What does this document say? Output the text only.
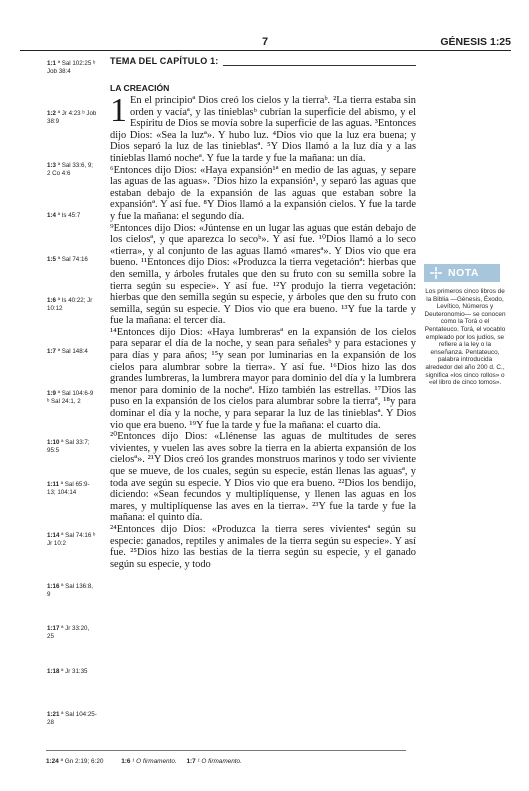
7	GÉNESIS 1:25
1:1 ª Sal 102:25 ᵇ Job 38:4
1:2 ª Jr 4:23 ᵇ Job 38:9
1:3 ª Sal 33:6, 9; 2 Co 4:6
1:4 ª Is 45:7
1:5 ª Sal 74:16
1:6 ª Is 40:22; Jr 10:12
1:7 ª Sal 148:4
1:9 ª Sal 104:6-9 ᵇ Sal 24:1, 2
1:10 ª Sal 33:7; 95:5
1:11 ª Sal 65:9-13; 104:14
1:14 ª Sal 74:16 ᵇ Jr 10:2
1:16 ª Sal 136:8, 9
1:17 ª Jr 33:20, 25
1:18 ª Jr 31:35
1:21 ª Sal 104:25-28
TEMA DEL CAPÍTULO 1:
LA CREACIÓN

1 En el principioª Dios creó los cielos y la tierraᵇ. ²La tierra estaba sin orden y vacíaª, y las tinieblasᵇ cubrían la superficie del abismo, y el Espíritu de Dios se movía sobre la superficie de las aguas. ³Entonces dijo Dios: «Sea la luzª». Y hubo luz. ⁴Dios vio que la luz era buena; y Dios separó la luz de las tinieblasª. ⁵Y Dios llamó a la luz día y a las tinieblas llamó nocheª. Y fue la tarde y fue la mañana: un día.

⁶Entonces dijo Dios: «Haya expansión¹ª en medio de las aguas, y separe las aguas de las aguas». ⁷Dios hizo la expansión¹, y separó las aguas que estaban debajo de la expansión de las aguas que estaban sobre la expansiónª. Y así fue. ⁸Y Dios llamó a la expansión cielos. Y fue la tarde y fue la mañana: el segundo día.

⁹Entonces dijo Dios: «Júntense en un lugar las aguas que están debajo de los cielosª, y que aparezca lo secoᵇ». Y así fue. ¹⁰Dios llamó a lo seco «tierra», y al conjunto de las aguas llamó «maresª». Y Dios vio que era bueno. ¹¹Entonces dijo Dios: «Produzca la tierra vegetaciónª: hierbas que den semilla, y árboles frutales que den su fruto con su semilla sobre la tierra según su especie». Y así fue. ¹²Y produjo la tierra vegetación: hierbas que den semilla según su especie, y árboles que den su fruto con semilla, según su especie. Y Dios vio que era bueno. ¹³Y fue la tarde y fue la mañana: el tercer día.

¹⁴Entonces dijo Dios: «Haya lumbrerasª en la expansión de los cielos para separar el día de la noche, y sean para señalesᵇ y para estaciones y para días y para años; ¹⁵y sean por luminarias en la expansión de los cielos para alumbrar sobre la tierra». Y así fue. ¹⁶Dios hizo las dos grandes lumbreras, la lumbrera mayor para dominio del día y la lumbrera menor para dominio de la nocheª. Hizo también las estrellas. ¹⁷Dios las puso en la expansión de los cielos para alumbrar sobre la tierraª, ¹⁸y para dominar el día y la noche, y para separar la luz de las tinieblasª. Y Dios vio que era bueno. ¹⁹Y fue la tarde y fue la mañana: el cuarto día.

²⁰Entonces dijo Dios: «Llénense las aguas de multitudes de seres vivientes, y vuelen las aves sobre la tierra en la abierta expansión de los cielosª». ²¹Y Dios creó los grandes monstruos marinos y todo ser viviente que se mueve, de los cuales, según su especie, están llenas las aguasª, y toda ave según su especie. Y Dios vio que era bueno. ²²Dios los bendijo, diciendo: «Sean fecundos y multiplíquense, y llenen las aguas en los mares, y multiplíquense las aves en la tierra». ²³Y fue la tarde y fue la mañana: el quinto día.

²⁴Entonces dijo Dios: «Produzca la tierra seres vivientesª según su especie: ganados, reptiles y animales de la tierra según su especie». Y así fue. ²⁵Dios hizo las bestias de la tierra según su especie, y el ganado según su especie, y todo

NOTA
Los primeros cinco libros de la Biblia —Génesis, Éxodo, Levítico, Números y Deuteronomio— se conocen como la Torá o el Pentateuco. Torá, el vocablo empleado por los judíos, se refiere a la ley o la enseñanza. Pentateuco, palabra introducida alrededor del año 200 d. C., significa «los cinco rollos» o «el libro de cinco tomos».
1:24 ª Gn 2:19; 6:20	1:6 ¹ O firmamento. 1:7 ¹ O firmamento.
